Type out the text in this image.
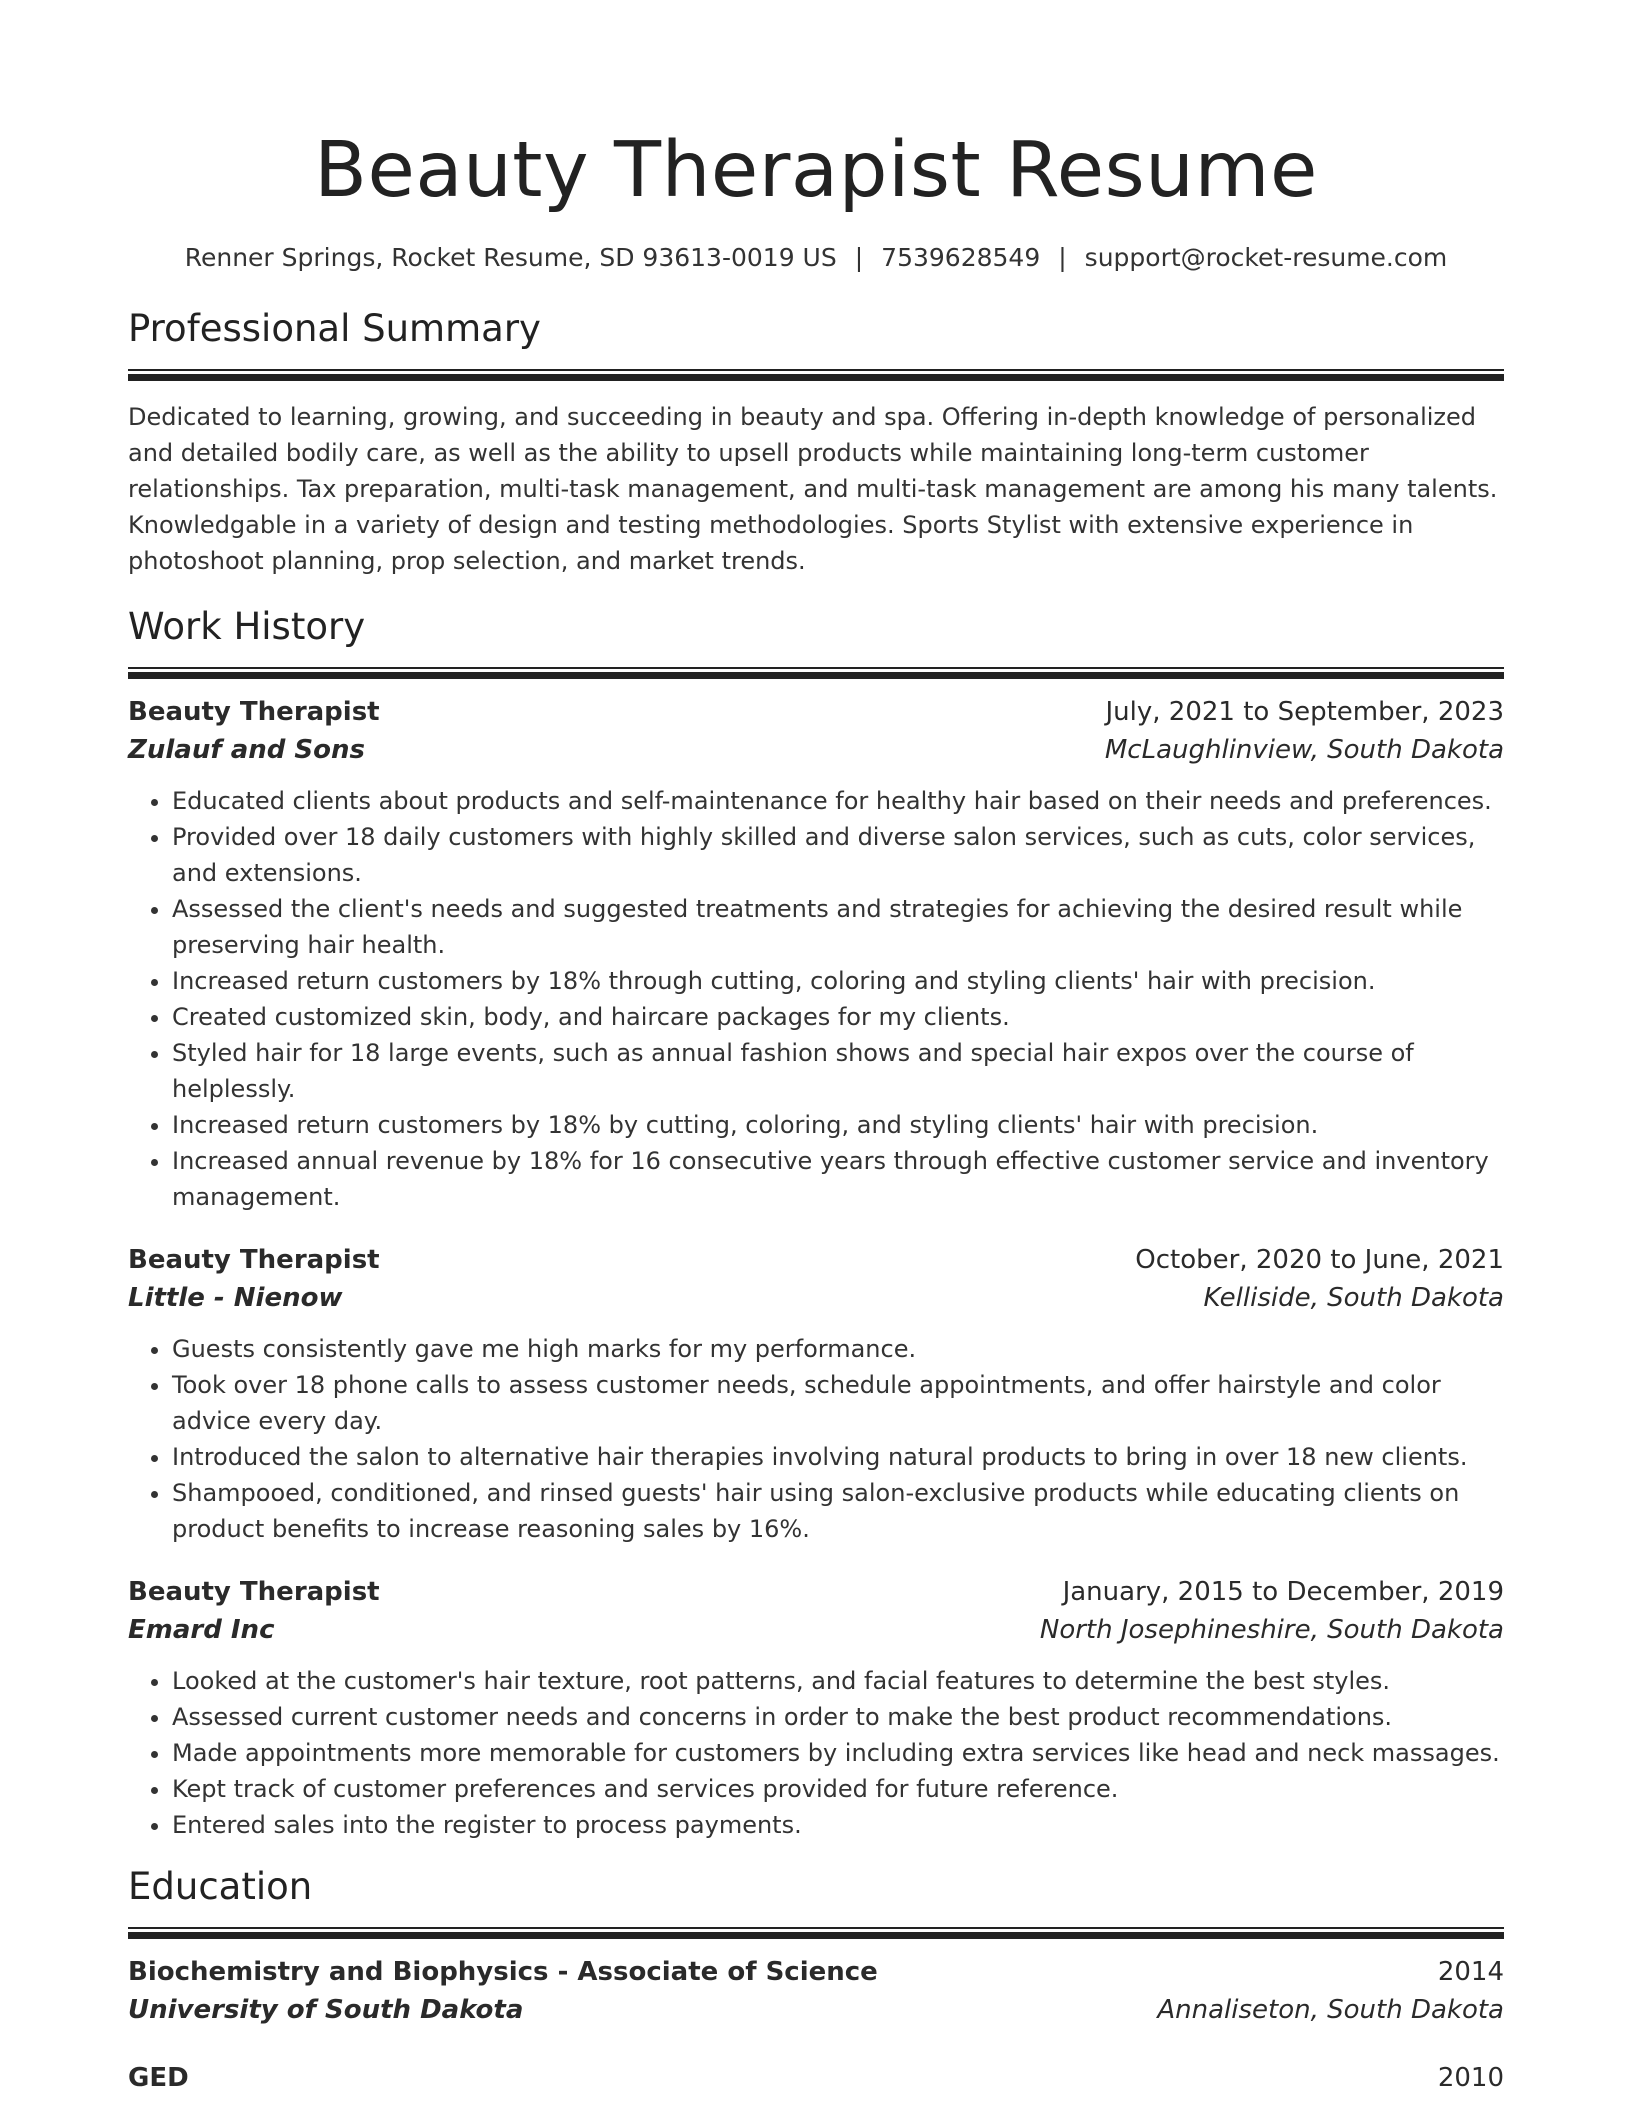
Beauty Therapist Resume
Renner Springs, Rocket Resume, SD 93613-0019 US | 7539628549 | support@rocket-resume.com
Professional Summary
Dedicated to learning, growing, and succeeding in beauty and spa. Offering in-depth knowledge of personalized and detailed bodily care, as well as the ability to upsell products while maintaining long-term customer relationships. Tax preparation, multi-task management, and multi-task management are among his many talents. Knowledgable in a variety of design and testing methodologies. Sports Stylist with extensive experience in photoshoot planning, prop selection, and market trends.
Work History
Beauty Therapist	July, 2021 to September, 2023
Zulauf and Sons	McLaughlinview, South Dakota
• Educated clients about products and self-maintenance for healthy hair based on their needs and preferences.
• Provided over 18 daily customers with highly skilled and diverse salon services, such as cuts, color services, and extensions.
• Assessed the client's needs and suggested treatments and strategies for achieving the desired result while preserving hair health.
• Increased return customers by 18% through cutting, coloring and styling clients' hair with precision.
• Created customized skin, body, and haircare packages for my clients.
• Styled hair for 18 large events, such as annual fashion shows and special hair expos over the course of helplessly.
• Increased return customers by 18% by cutting, coloring, and styling clients' hair with precision.
• Increased annual revenue by 18% for 16 consecutive years through effective customer service and inventory management.
Beauty Therapist	October, 2020 to June, 2021
Little - Nienow	Kelliside, South Dakota
• Guests consistently gave me high marks for my performance.
• Took over 18 phone calls to assess customer needs, schedule appointments, and offer hairstyle and color advice every day.
• Introduced the salon to alternative hair therapies involving natural products to bring in over 18 new clients.
• Shampooed, conditioned, and rinsed guests' hair using salon-exclusive products while educating clients on product benefits to increase reasoning sales by 16%.
Beauty Therapist	January, 2015 to December, 2019
Emard Inc	North Josephineshire, South Dakota
• Looked at the customer's hair texture, root patterns, and facial features to determine the best styles.
• Assessed current customer needs and concerns in order to make the best product recommendations.
• Made appointments more memorable for customers by including extra services like head and neck massages.
• Kept track of customer preferences and services provided for future reference.
• Entered sales into the register to process payments.
Education
Biochemistry and Biophysics - Associate of Science	2014
University of South Dakota	Annaliseton, South Dakota
GED	2010
